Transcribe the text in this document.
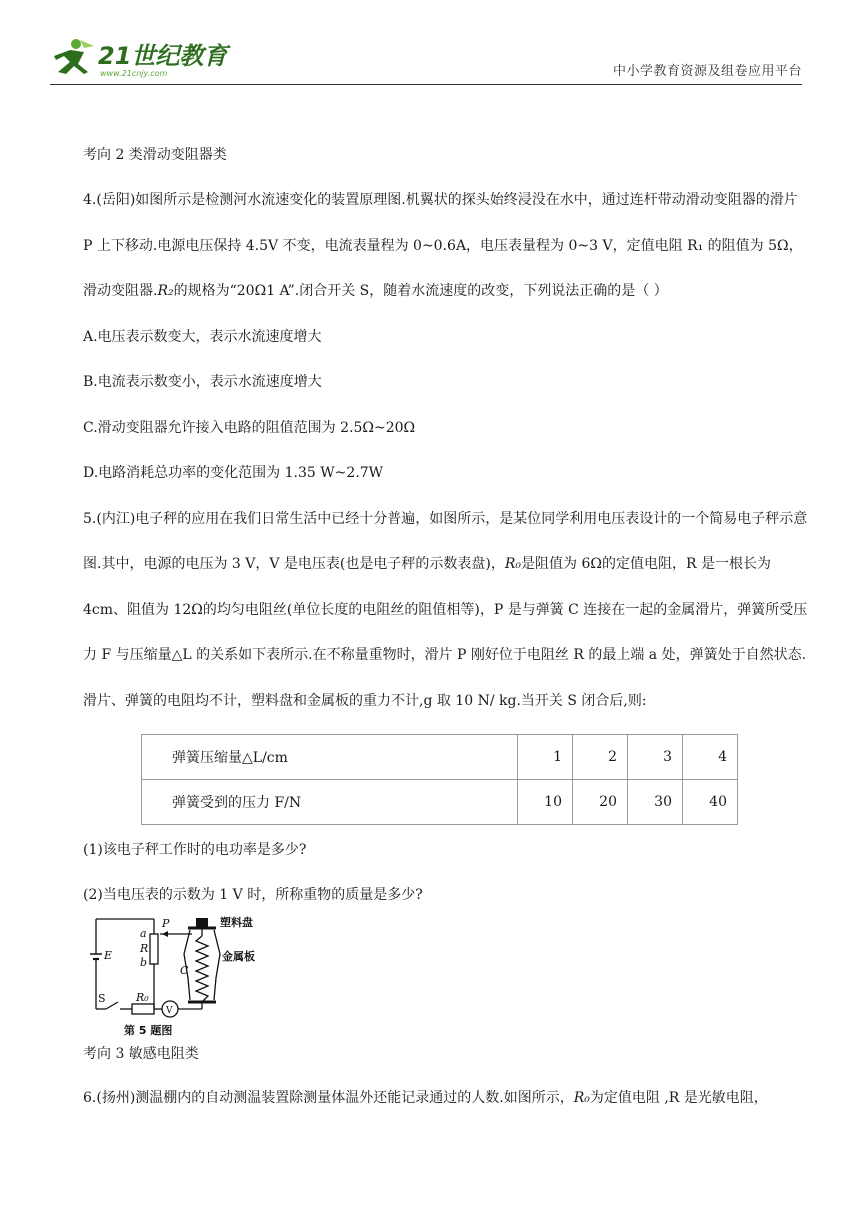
21世纪教育
www.21cnjy.com	中小学教育资源及组卷应用平台

考向 2 类滑动变阻器类

4.(岳阳)如图所示是检测河水流速变化的装置原理图.机翼状的探头始终浸没在水中，通过连杆带动滑动变阻器的滑片 P 上下移动.电源电压保持 4.5V 不变，电流表量程为 0~0.6A，电压表量程为 0~3 V，定值电阻 R₁ 的阻值为 5Ω，滑动变阻器.R₂的规格为“20Ω1 A”.闭合开关 S，随着水流速度的改变，下列说法正确的是（ ）

A.电压表示数变大，表示水流速度增大

B.电流表示数变小，表示水流速度增大

C.滑动变阻器允许接入电路的阻值范围为 2.5Ω~20Ω

D.电路消耗总功率的变化范围为 1.35 W~2.7W

5.(内江)电子秤的应用在我们日常生活中已经十分普遍，如图所示，是某位同学利用电压表设计的一个简易电子秤示意图.其中，电源的电压为 3 V，V 是电压表(也是电子秤的示数表盘)，R₀是阻值为 6Ω的定值电阻，R 是一根长为 4cm、阻值为 12Ω的均匀电阻丝(单位长度的电阻丝的阻值相等)，P 是与弹簧 C 连接在一起的金属滑片，弹簧所受压力 F 与压缩量△L 的关系如下表所示.在不称量重物时，滑片 P 刚好位于电阻丝 R 的最上端 a 处，弹簧处于自然状态.滑片、弹簧的电阻均不计，塑料盘和金属板的重力不计,g 取 10 N/ kg.当开关 S 闭合后,则:

弹簧压缩量△L/cm	1	2	3	4
弹簧受到的压力 F/N	10	20	30	40

(1)该电子秤工作时的电功率是多少?

(2)当电压表的示数为 1 V 时，所称重物的质量是多少?

P
a
R
b
C
E
R₀
S
V
塑料盘
金属板
第 5 题图

考向 3 敏感电阻类

6.(扬州)测温棚内的自动测温装置除测量体温外还能记录通过的人数.如图所示，R₀为定值电阻 ,R 是光敏电阻，
